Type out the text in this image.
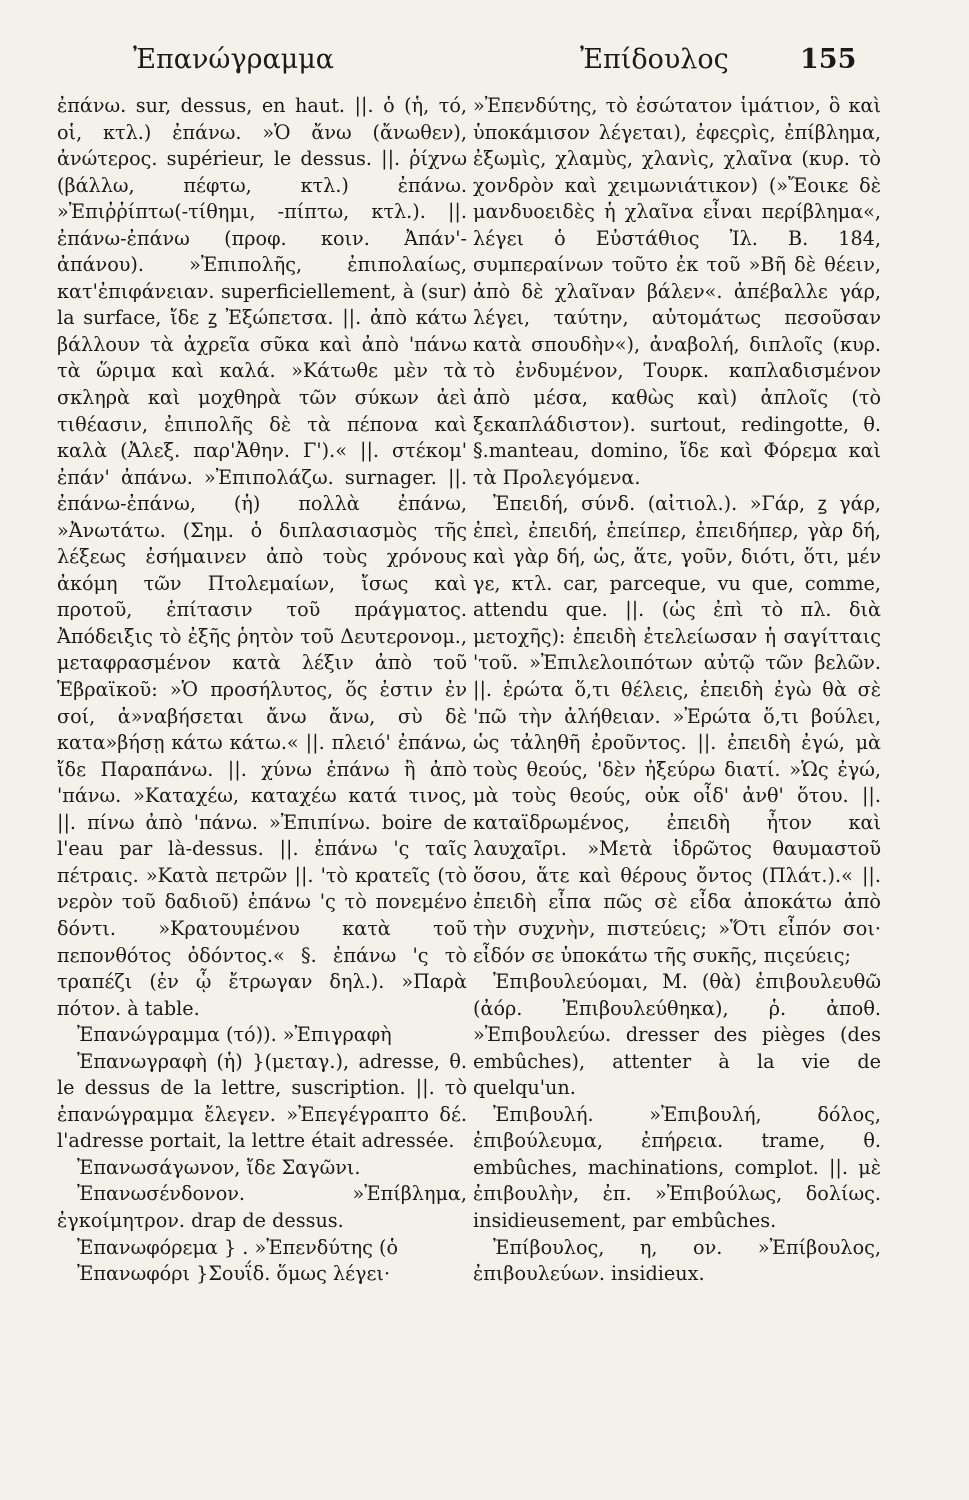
Ἐπανώγραμμα	Ἐπίδουλος	155

ἐπάνω. sur, dessus, en haut. ||. ὁ (ἡ, τό, οἱ, κτλ.) ἐπάνω. »Ὁ ἄνω (ἄνωθεν), ἀνώτερος. supérieur, le dessus. ||. ῥίχνω (βάλλω, πέφτω, κτλ.) ἐπάνω. »Ἐπιῤῥίπτω(-τίθημι, -πίπτω, κτλ.). ||. ἐπάνω-ἐπάνω (προφ. κοιν. Ἀπάν'-ἀπάνου). »Ἐπιπολῆς, ἐπιπολαίως, κατ'ἐπιφάνειαν. superficiellement, à (sur) la surface, ἴδε ꙁ Ἐξώπετσα. ||. ἀπὸ κάτω βάλλουν τὰ ἀχρεῖα σῦκα καὶ ἀπὸ 'πάνω τὰ ὥριμα καὶ καλά. »Κάτωθε μὲν τὰ σκληρὰ καὶ μοχθηρὰ τῶν σύκων ἀεὶ τιθέασιν, ἐπιπολῆς δὲ τὰ πέπονα καὶ καλὰ (Ἀλεξ. παρ'Ἀθην. Γ').« ||. στέκομ' ἐπάν' ἀπάνω. »Ἐπιπολάζω. surnager. ||. ἐπάνω-ἐπάνω, (ἡ) πολλὰ ἐπάνω, »Ἀνωτάτω. (Σημ. ὁ διπλασιασμὸς τῆς λέξεως ἐσήμαινεν ἀπὸ τοὺς χρόνους ἀκόμη τῶν Πτολεμαίων, ἴσως καὶ προτοῦ, ἐπίτασιν τοῦ πράγματος. Ἀπόδειξις τὸ ἐξῆς ῥητὸν τοῦ Δευτερονομ., μεταφρασμένον κατὰ λέξιν ἀπὸ τοῦ Ἑβραϊκοῦ: »Ὁ προσήλυτος, ὅς ἐστιν ἐν σοί, ἀ»ναβήσεται ἄνω ἄνω, σὺ δὲ κατα»βήσῃ κάτω κάτω.« ||. πλειό' ἐπάνω, ἴδε Παραπάνω. ||. χύνω ἐπάνω ἢ ἀπὸ 'πάνω. »Καταχέω, καταχέω κατά τινος, ||. πίνω ἀπὸ 'πάνω. »Ἐπιπίνω. boire de l'eau par là-dessus. ||. ἐπάνω 'ς ταῖς πέτραις. »Κατὰ πετρῶν ||. 'τὸ κρατεῖς (τὸ νερὸν τοῦ δαδιοῦ) ἐπάνω 'ς τὸ πονεμένο δόντι. »Κρατουμένου κατὰ τοῦ πεπονθότος ὀδόντος.« §. ἐπάνω 'ς τὸ τραπέζι (ἐν ᾧ ἔτρωγαν δηλ.). »Παρὰ πότον. à table.

Ἐπανώγραμμα (τό)). »Ἐπιγραφὴ

Ἐπανωγραφὴ (ἡ) }(μεταγ.), adresse, θ. le dessus de la lettre, suscription. ||. τὸ ἐπανώγραμμα ἔλεγεν. »Ἐπεγέγραπτο δέ. l'adresse portait, la lettre était adressée.

Ἐπανωσάγωνον, ἴδε Σαγῶνι.

Ἐπανωσένδονον. »Ἐπίβλημα, ἐγκοίμητρον. drap de dessus.

Ἐπανωφόρεμα } . »Ἐπενδύτης (ὁ

Ἐπανωφόρι }Σουΐδ. ὅμως λέγει·

»Ἐπενδύτης, τὸ ἐσώτατον ἱμάτιον, ὃ καὶ ὑποκάμισον λέγεται), ἐφεςρὶς, ἐπίβλημα, ἐξωμὶς, χλαμὺς, χλανὶς, χλαῖνα (κυρ. τὸ χονδρὸν καὶ χειμωνιάτικον) (»Ἔοικε δὲ μανδυοειδὲς ἡ χλαῖνα εἶναι περίβλημα«, λέγει ὁ Εὐστάθιος Ἰλ. Β. 184, συμπεραίνων τοῦτο ἐκ τοῦ »Βῆ δὲ θέειν, ἀπὸ δὲ χλαῖναν βάλεν«. ἀπέβαλλε γάρ, λέγει, ταύτην, αὐτομάτως πεσοῦσαν κατὰ σπουδὴν«), ἀναβολή, διπλοῖς (κυρ. τὸ ἐνδυμένον, Τουρκ. καπλαδισμένον ἀπὸ μέσα, καθὼς καὶ) ἀπλοῖς (τὸ ξεκαπλάδιστον). surtout, redingotte, θ. §.manteau, domino, ἴδε καὶ Φόρεμα καὶ τὰ Προλεγόμενα.

Ἐπειδή, σύνδ. (αἰτιολ.). »Γάρ, ꙁ γάρ, ἐπεὶ, ἐπειδή, ἐπείπερ, ἐπειδήπερ, γὰρ δή, καὶ γὰρ δή, ὡς, ἅτε, γοῦν, διότι, ὅτι, μέν γε, κτλ. car, parceque, vu que, comme, attendu que. ||. (ὡς ἐπὶ τὸ πλ. διὰ μετοχῆς): ἐπειδὴ ἐτελείωσαν ἡ σαγίτταις 'τοῦ. »Ἐπιλελοιπότων αὐτῷ τῶν βελῶν. ||. ἐρώτα ὅ,τι θέλεις, ἐπειδὴ ἐγὼ θὰ σὲ 'πῶ τὴν ἀλήθειαν. »Ἐρώτα ὅ,τι βούλει, ὡς τἀληθῆ ἐροῦντος. ||. ἐπειδὴ ἐγώ, μὰ τοὺς θεούς, 'δὲν ἠξεύρω διατί. »Ὡς ἐγώ, μὰ τοὺς θεούς, οὐκ οἶδ' ἀνθ' ὅτου. ||. καταϊδρωμένος, ἐπειδὴ ἦτον καὶ λαυχαῖρι. »Μετὰ ἱδρῶτος θαυμαστοῦ ὅσου, ἅτε καὶ θέρους ὄντος (Πλάτ.).« ||. ἐπειδὴ εἶπα πῶς σὲ εἶδα ἀποκάτω ἀπὸ τὴν συχνὴν, πιστεύεις; »Ὅτι εἶπόν σοι· εἶδόν σε ὑποκάτω τῆς συκῆς, πιςεύεις;

Ἐπιβουλεύομαι, Μ. (θὰ) ἐπιβουλευθῶ (ἀόρ. Ἐπιβουλεύθηκα), ῥ. ἀποθ. »Ἐπιβουλεύω. dresser des pièges (des embûches), attenter à la vie de quelqu'un.

Ἐπιβουλή. »Ἐπιβουλή, δόλος, ἐπιβούλευμα, ἐπήρεια. trame, θ. embûches, machinations, complot. ||. μὲ ἐπιβουλὴν, ἐπ. »Ἐπιβούλως, δολίως. insidieusement, par embûches.

Ἐπίβουλος, η, ον. »Ἐπίβουλος, ἐπιβουλεύων. insidieux.
